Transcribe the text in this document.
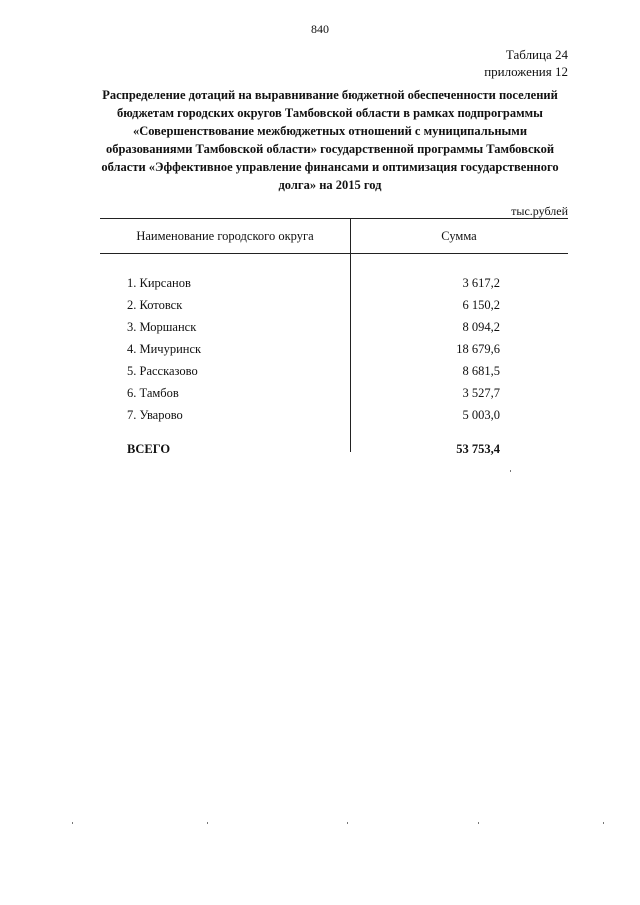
840
Таблица 24
приложения 12
Распределение дотаций на выравнивание бюджетной обеспеченности поселений бюджетам городских округов Тамбовской области в рамках подпрограммы «Совершенствование межбюджетных отношений с муниципальными образованиями Тамбовской области» государственной программы Тамбовской области «Эффективное управление финансами и оптимизация государственного долга» на 2015 год
тыс.рублей
Наименование городского округа	Сумма
1. Кирсанов	3 617,2
2. Котовск	6 150,2
3. Моршанск	8 094,2
4. Мичуринск	18 679,6
5. Рассказово	8 681,5
6. Тамбов	3 527,7
7. Уварово	5 003,0
ВСЕГО	53 753,4
